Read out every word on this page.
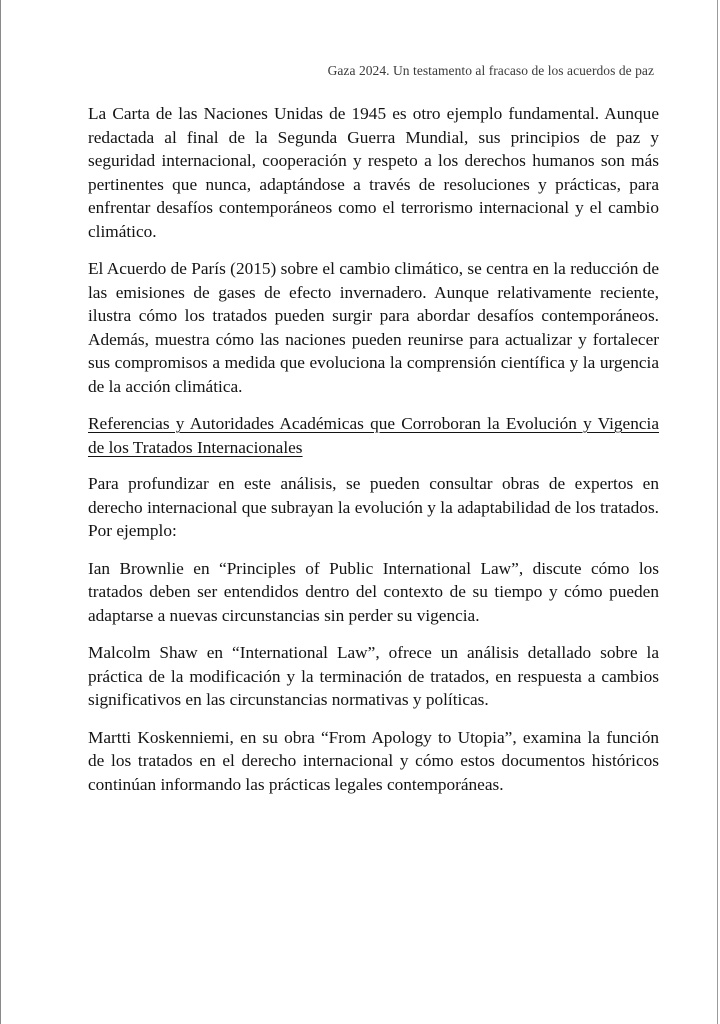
Gaza 2024. Un testamento al fracaso de los acuerdos de paz

La Carta de las Naciones Unidas de 1945 es otro ejemplo fundamental. Aunque redactada al final de la Segunda Guerra Mundial, sus principios de paz y seguridad internacional, cooperación y respeto a los derechos humanos son más pertinentes que nunca, adaptándose a través de resoluciones y prácticas, para enfrentar desafíos contemporáneos como el terrorismo internacional y el cambio climático.

El Acuerdo de París (2015) sobre el cambio climático, se centra en la reducción de las emisiones de gases de efecto invernadero. Aunque relativamente reciente, ilustra cómo los tratados pueden surgir para abordar desafíos contemporáneos. Además, muestra cómo las naciones pueden reunirse para actualizar y fortalecer sus compromisos a medida que evoluciona la comprensión científica y la urgencia de la acción climática.

Referencias y Autoridades Académicas que Corroboran la Evolución y Vigencia de los Tratados Internacionales

Para profundizar en este análisis, se pueden consultar obras de expertos en derecho internacional que subrayan la evolución y la adaptabilidad de los tratados. Por ejemplo:

Ian Brownlie en “Principles of Public International Law”, discute cómo los tratados deben ser entendidos dentro del contexto de su tiempo y cómo pueden adaptarse a nuevas circunstancias sin perder su vigencia.

Malcolm Shaw en “International Law”, ofrece un análisis detallado sobre la práctica de la modificación y la terminación de tratados, en respuesta a cambios significativos en las circunstancias normativas y políticas.

Martti Koskenniemi, en su obra “From Apology to Utopia”, examina la función de los tratados en el derecho internacional y cómo estos documentos históricos continúan informando las prácticas legales contemporáneas.
